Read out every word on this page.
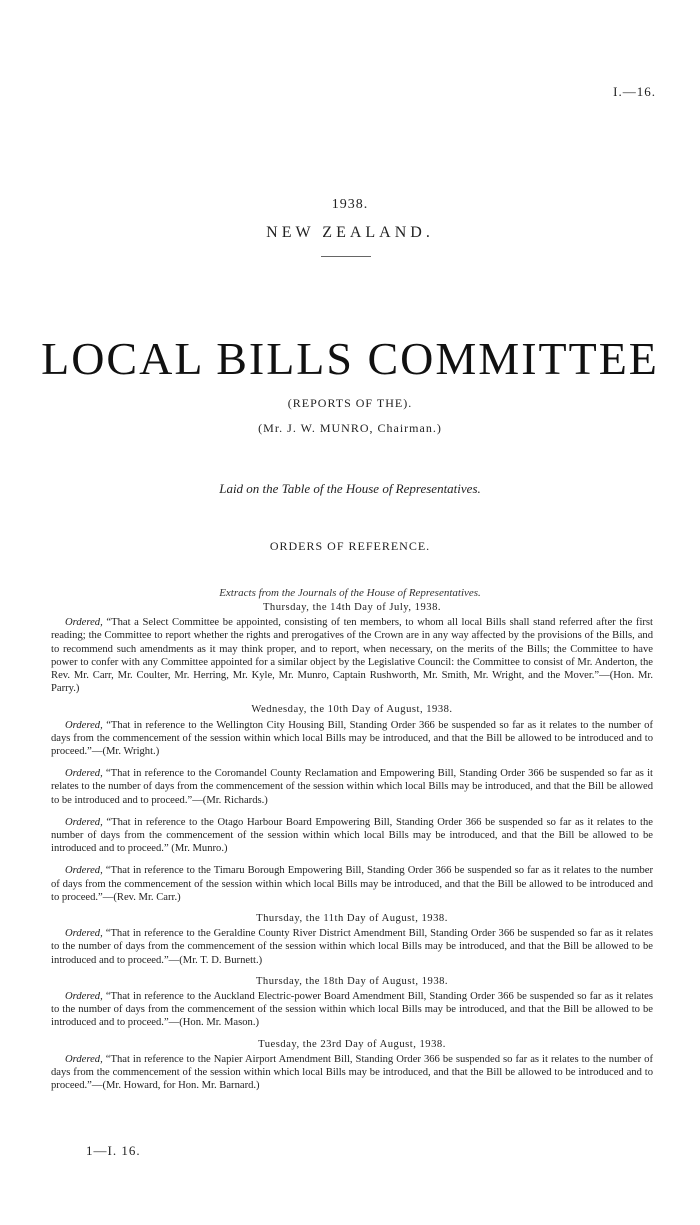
I.—16.
1938.
NEW ZEALAND.
LOCAL BILLS COMMITTEE
(REPORTS OF THE).
(Mr. J. W. MUNRO, Chairman.)
Laid on the Table of the House of Representatives.
ORDERS OF REFERENCE.
Extracts from the Journals of the House of Representatives.
Thursday, the 14th Day of July, 1938.

Ordered, “That a Select Committee be appointed, consisting of ten members, to whom all local Bills shall stand referred after the first reading; the Committee to report whether the rights and prerogatives of the Crown are in any way affected by the provisions of the Bills, and to recommend such amendments as it may think proper, and to report, when necessary, on the merits of the Bills; the Committee to have power to confer with any Committee appointed for a similar object by the Legislative Council: the Committee to consist of Mr. Anderton, the Rev. Mr. Carr, Mr. Coulter, Mr. Herring, Mr. Kyle, Mr. Munro, Captain Rushworth, Mr. Smith, Mr. Wright, and the Mover.”—(Hon. Mr. Parry.)

Wednesday, the 10th Day of August, 1938.

Ordered, “That in reference to the Wellington City Housing Bill, Standing Order 366 be suspended so far as it relates to the number of days from the commencement of the session within which local Bills may be introduced, and that the Bill be allowed to be introduced and to proceed.”—(Mr. Wright.)

Ordered, “That in reference to the Coromandel County Reclamation and Empowering Bill, Standing Order 366 be suspended so far as it relates to the number of days from the commencement of the session within which local Bills may be introduced, and that the Bill be allowed to be introduced and to proceed.”—(Mr. Richards.)

Ordered, “That in reference to the Otago Harbour Board Empowering Bill, Standing Order 366 be suspended so far as it relates to the number of days from the commencement of the session within which local Bills may be introduced, and that the Bill be allowed to be introduced and to proceed.” (Mr. Munro.)

Ordered, “That in reference to the Timaru Borough Empowering Bill, Standing Order 366 be suspended so far as it relates to the number of days from the commencement of the session within which local Bills may be introduced, and that the Bill be allowed to be introduced and to proceed.”—(Rev. Mr. Carr.)

Thursday, the 11th Day of August, 1938.

Ordered, “That in reference to the Geraldine County River District Amendment Bill, Standing Order 366 be suspended so far as it relates to the number of days from the commencement of the session within which local Bills may be introduced, and that the Bill be allowed to be introduced and to proceed.”—(Mr. T. D. Burnett.)

Thursday, the 18th Day of August, 1938.

Ordered, “That in reference to the Auckland Electric-power Board Amendment Bill, Standing Order 366 be suspended so far as it relates to the number of days from the commencement of the session within which local Bills may be introduced, and that the Bill be allowed to be introduced and to proceed.”—(Hon. Mr. Mason.)

Tuesday, the 23rd Day of August, 1938.

Ordered, “That in reference to the Napier Airport Amendment Bill, Standing Order 366 be suspended so far as it relates to the number of days from the commencement of the session within which local Bills may be introduced, and that the Bill be allowed to be introduced and to proceed.”—(Mr. Howard, for Hon. Mr. Barnard.)

1—I. 16.
